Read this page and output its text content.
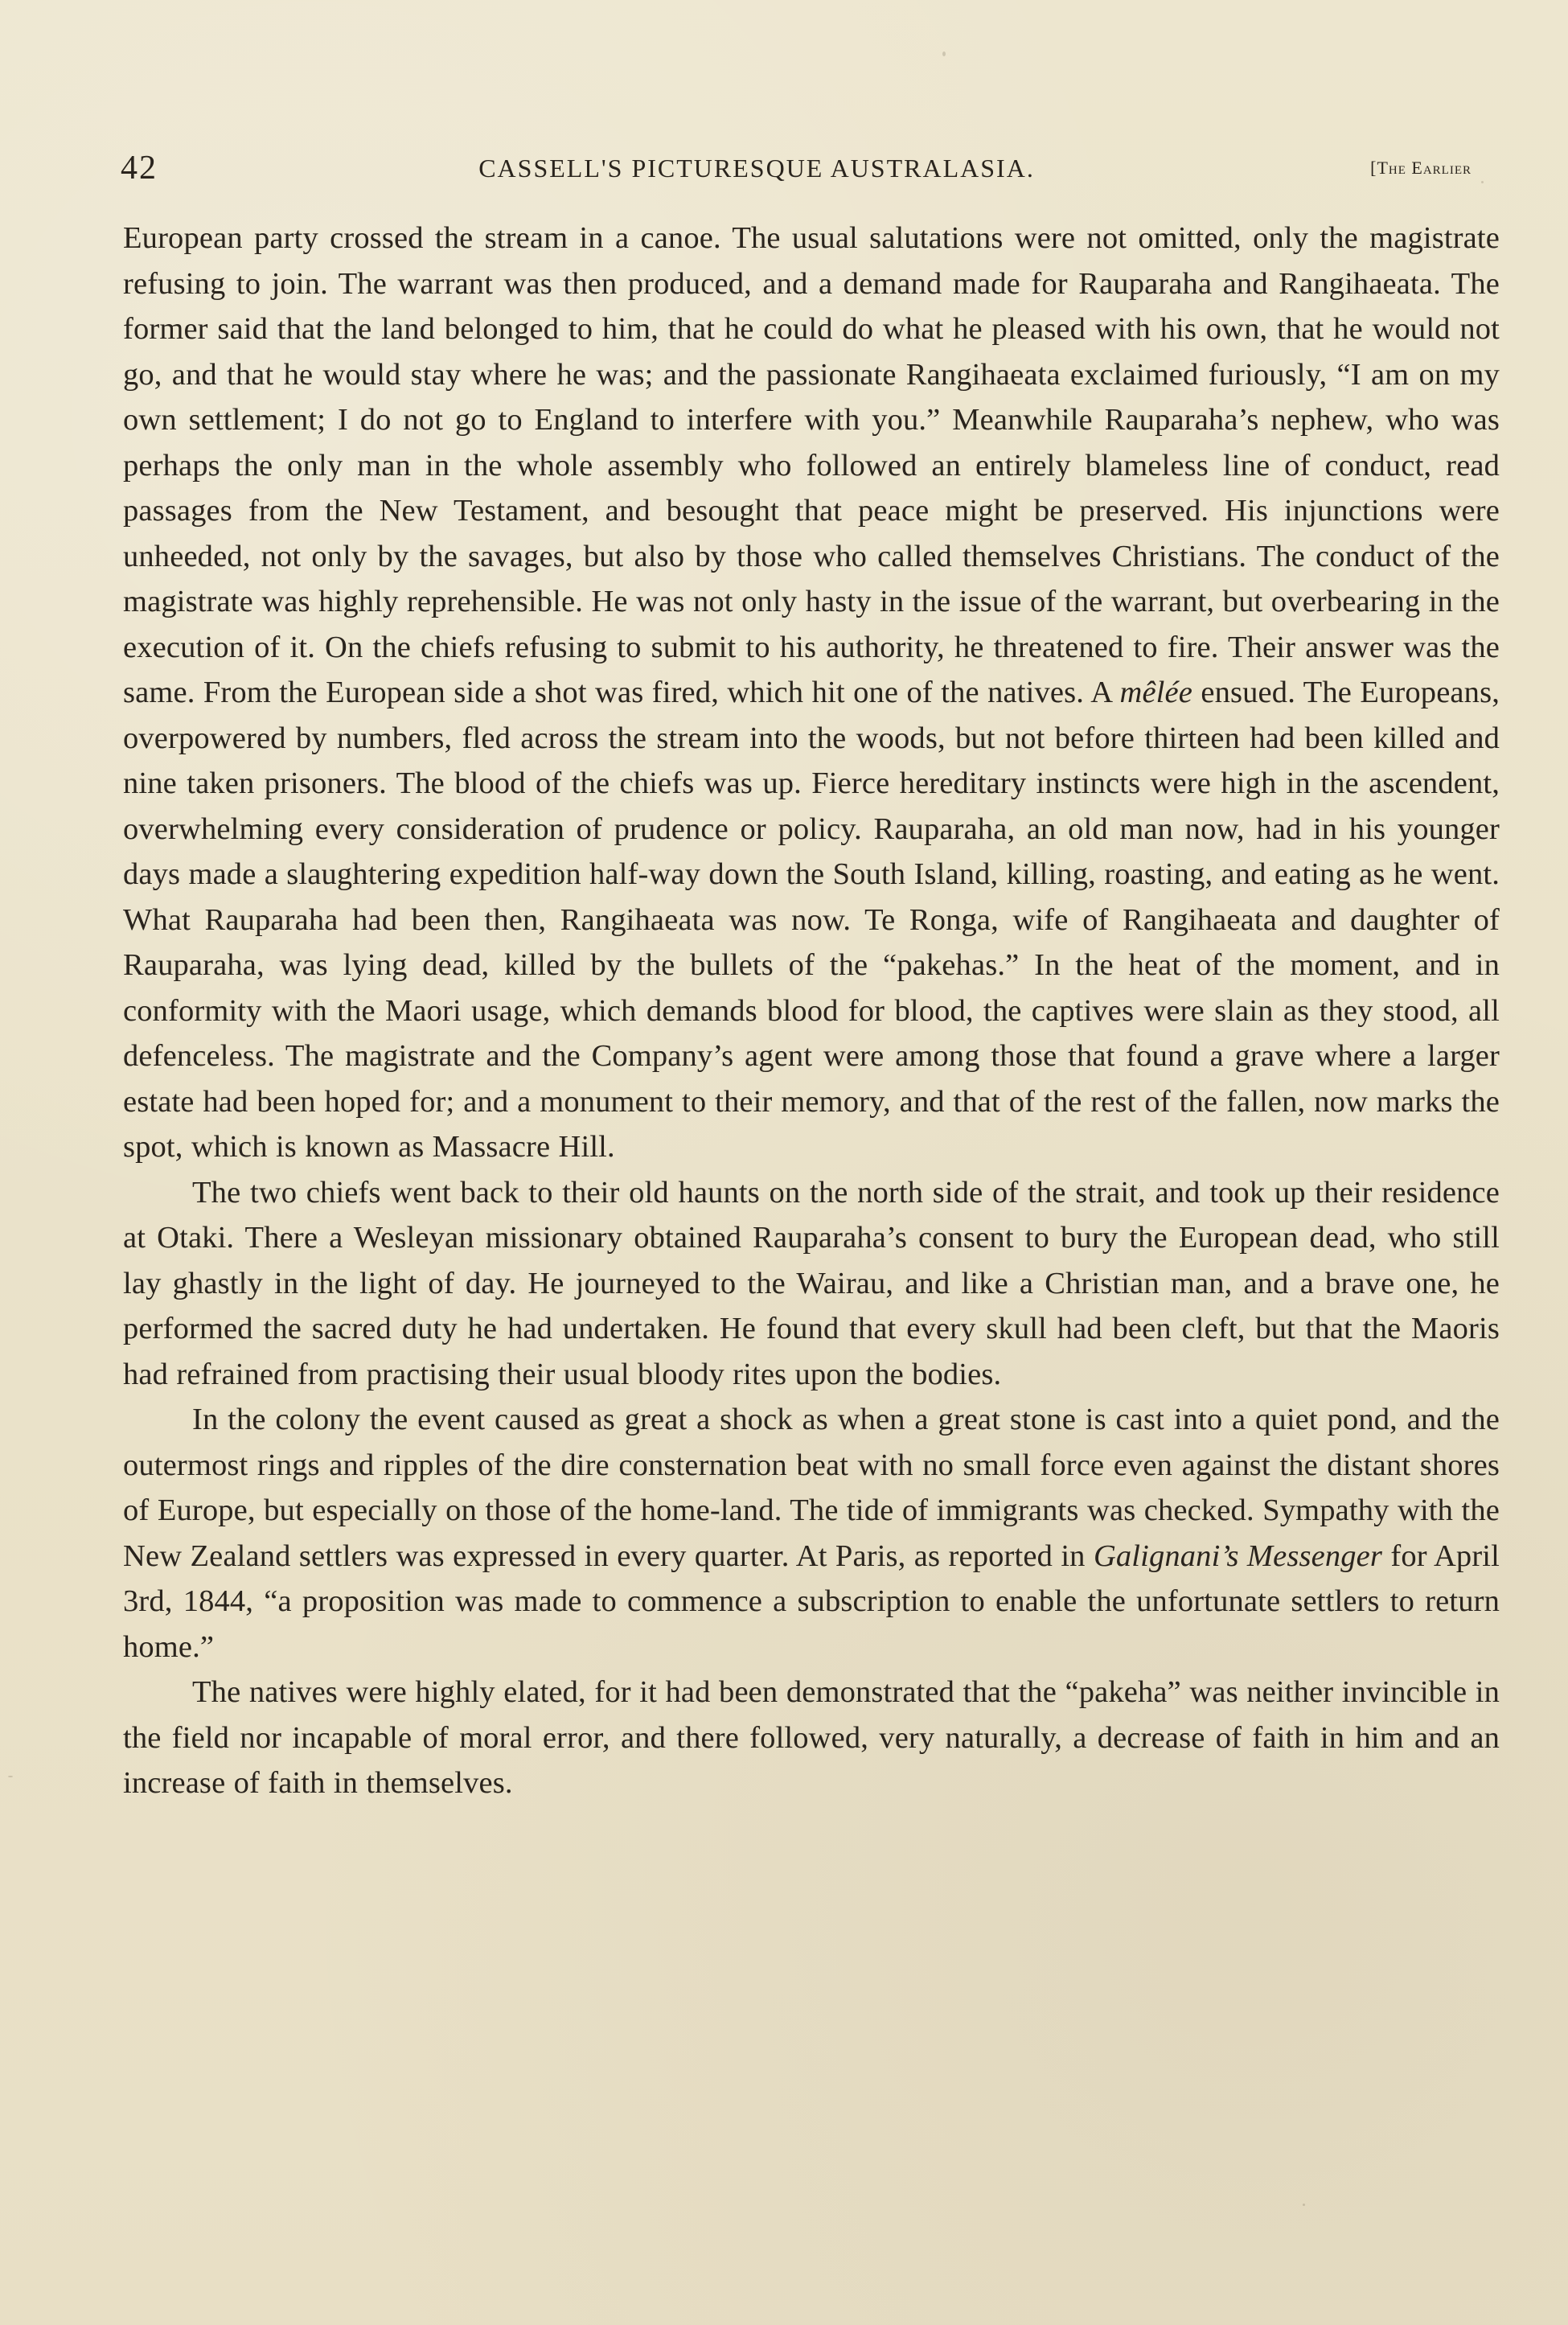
42	CASSELL'S PICTURESQUE AUSTRALASIA.	[The Earlier

European party crossed the stream in a canoe. The usual salutations were not omitted, only the magistrate refusing to join. The warrant was then produced, and a demand made for Rauparaha and Rangihaeata. The former said that the land belonged to him, that he could do what he pleased with his own, that he would not go, and that he would stay where he was; and the passionate Rangihaeata exclaimed furiously, “I am on my own settlement; I do not go to England to interfere with you.” Meanwhile Rauparaha’s nephew, who was perhaps the only man in the whole assembly who followed an entirely blameless line of conduct, read passages from the New Testament, and besought that peace might be preserved. His injunctions were unheeded, not only by the savages, but also by those who called themselves Christians. The conduct of the magistrate was highly reprehensible. He was not only hasty in the issue of the warrant, but overbearing in the execution of it. On the chiefs refusing to submit to his authority, he threatened to fire. Their answer was the same. From the European side a shot was fired, which hit one of the natives. A mêlée ensued. The Europeans, overpowered by numbers, fled across the stream into the woods, but not before thirteen had been killed and nine taken prisoners. The blood of the chiefs was up. Fierce hereditary instincts were high in the ascendent, overwhelming every consideration of prudence or policy. Rauparaha, an old man now, had in his younger days made a slaughtering expedition half-way down the South Island, killing, roasting, and eating as he went. What Rauparaha had been then, Rangihaeata was now. Te Ronga, wife of Rangihaeata and daughter of Rauparaha, was lying dead, killed by the bullets of the “pakehas.” In the heat of the moment, and in conformity with the Maori usage, which demands blood for blood, the captives were slain as they stood, all defenceless. The magistrate and the Company’s agent were among those that found a grave where a larger estate had been hoped for; and a monument to their memory, and that of the rest of the fallen, now marks the spot, which is known as Massacre Hill.

The two chiefs went back to their old haunts on the north side of the strait, and took up their residence at Otaki. There a Wesleyan missionary obtained Rauparaha’s consent to bury the European dead, who still lay ghastly in the light of day. He journeyed to the Wairau, and like a Christian man, and a brave one, he performed the sacred duty he had undertaken. He found that every skull had been cleft, but that the Maoris had refrained from practising their usual bloody rites upon the bodies.

In the colony the event caused as great a shock as when a great stone is cast into a quiet pond, and the outermost rings and ripples of the dire consternation beat with no small force even against the distant shores of Europe, but especially on those of the home-land. The tide of immigrants was checked. Sympathy with the New Zealand settlers was expressed in every quarter. At Paris, as reported in Galignani’s Messenger for April 3rd, 1844, “a proposition was made to commence a subscription to enable the unfortunate settlers to return home.”

The natives were highly elated, for it had been demonstrated that the “pakeha” was neither invincible in the field nor incapable of moral error, and there followed, very naturally, a decrease of faith in him and an increase of faith in themselves.
